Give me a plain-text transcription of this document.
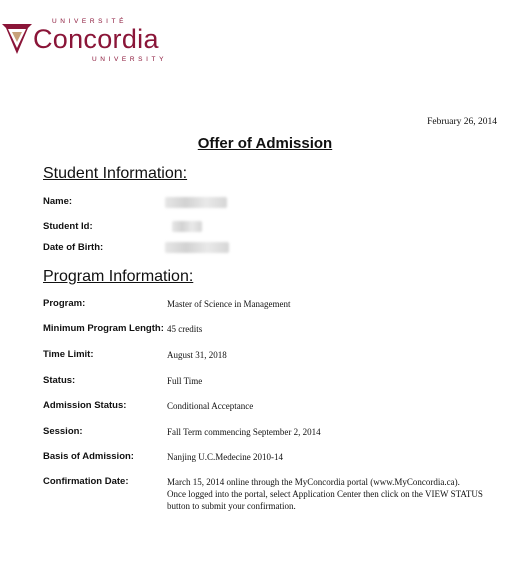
UNIVERSITÉ
Concordia
UNIVERSITY
February 26, 2014
Offer of Admission
Student Information:
Name:
Student Id:
Date of Birth:
Program Information:
Program:	Master of Science in Management
Minimum Program Length: 45 credits
Time Limit:	August 31, 2018
Status:	Full Time
Admission Status:	Conditional Acceptance
Session:	Fall Term commencing September 2, 2014
Basis of Admission:	Nanjing U.C.Medecine 2010-14
Confirmation Date:	March 15, 2014 online through the MyConcordia portal (www.MyConcordia.ca).
Once logged into the portal, select Application Center then click on the VIEW STATUS
button to submit your confirmation.
